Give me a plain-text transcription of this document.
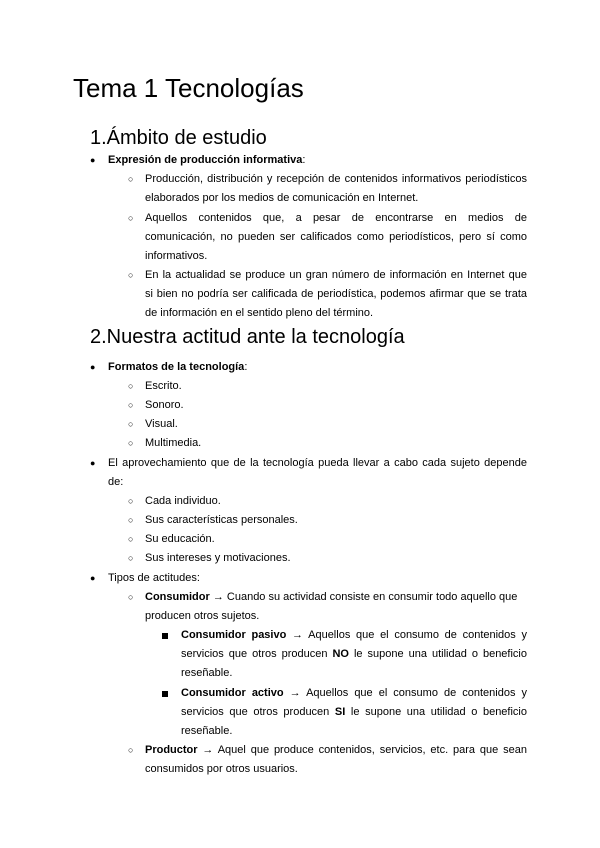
Tema 1 Tecnologías
1.Ámbito de estudio
● Expresión de producción informativa:
○ Producción, distribución y recepción de contenidos informativos periodísticos
elaborados por los medios de comunicación en Internet.
○ Aquellos contenidos que, a pesar de encontrarse en medios de
comunicación, no pueden ser calificados como periodísticos, pero sí como
informativos.
○ En la actualidad se produce un gran número de información en Internet que
si bien no podría ser calificada de periodística, podemos afirmar que se trata
de información en el sentido pleno del término.
2.Nuestra actitud ante la tecnología
● Formatos de la tecnología:
○ Escrito.
○ Sonoro.
○ Visual.
○ Multimedia.
● El aprovechamiento que de la tecnología pueda llevar a cabo cada sujeto depende
de:
○ Cada individuo.
○ Sus características personales.
○ Su educación.
○ Sus intereses y motivaciones.
● Tipos de actitudes:
○ Consumidor → Cuando su actividad consiste en consumir todo aquello que
producen otros sujetos.
Consumidor pasivo → Aquellos que el consumo de contenidos y
servicios que otros producen NO le supone una utilidad o beneficio
reseñable.
Consumidor activo → Aquellos que el consumo de contenidos y
servicios que otros producen SI le supone una utilidad o beneficio
reseñable.
○ Productor → Aquel que produce contenidos, servicios, etc. para que sean
consumidos por otros usuarios.
